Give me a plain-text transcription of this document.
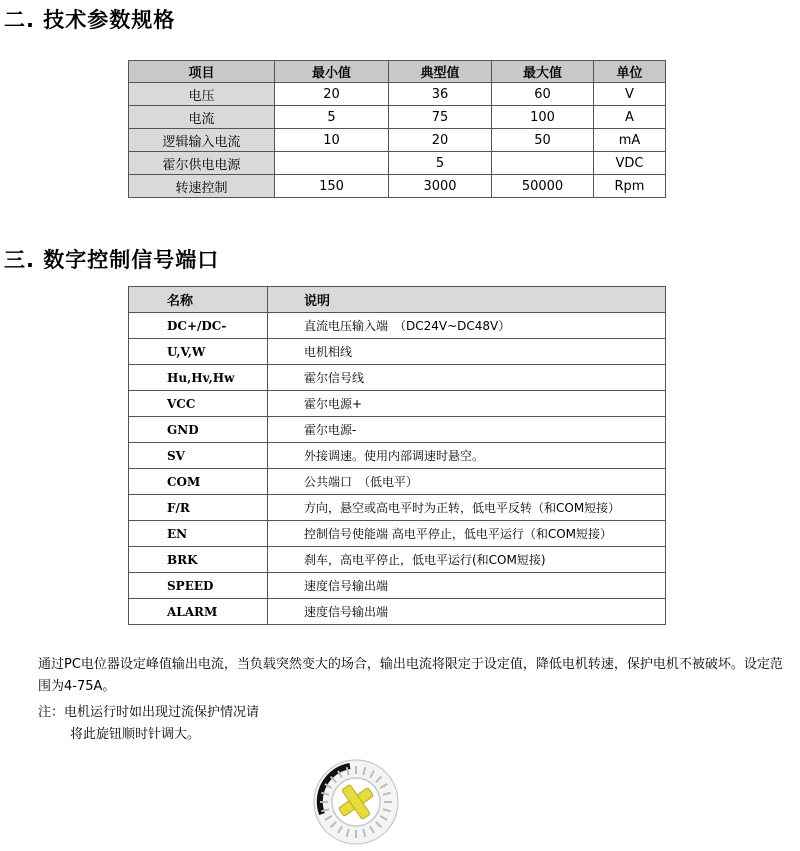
二. 技术参数规格
项目	最小值	典型值	最大值	单位
电压	20	36	60	V
电流	5	75	100	A
逻辑输入电流	10	20	50	mA
霍尔供电电源		5		VDC
转速控制	150	3000	50000	Rpm
三. 数字控制信号端口
名称	说明
DC+/DC-	直流电压输入端　（DC24V~DC48V）
U,V,W	电机相线
Hu,Hv,Hw	霍尔信号线
VCC	霍尔电源+
GND	霍尔电源-
SV	外接调速。使用内部调速时悬空。
COM	公共端口　（低电平）
F/R	方向，悬空或高电平时为正转，低电平反转（和COM短接）
EN	控制信号使能端 高电平停止，低电平运行（和COM短接）
BRK	刹车，高电平停止，低电平运行(和COM短接)
SPEED	速度信号输出端
ALARM	速度信号输出端

通过PC电位器设定峰值输出电流，当负载突然变大的场合，输出电流将限定于设定值，降低电机转速，保护电机不被破坏。设定范围为4-75A。

注：电机运行时如出现过流保护情况请

将此旋钮顺时针调大。
